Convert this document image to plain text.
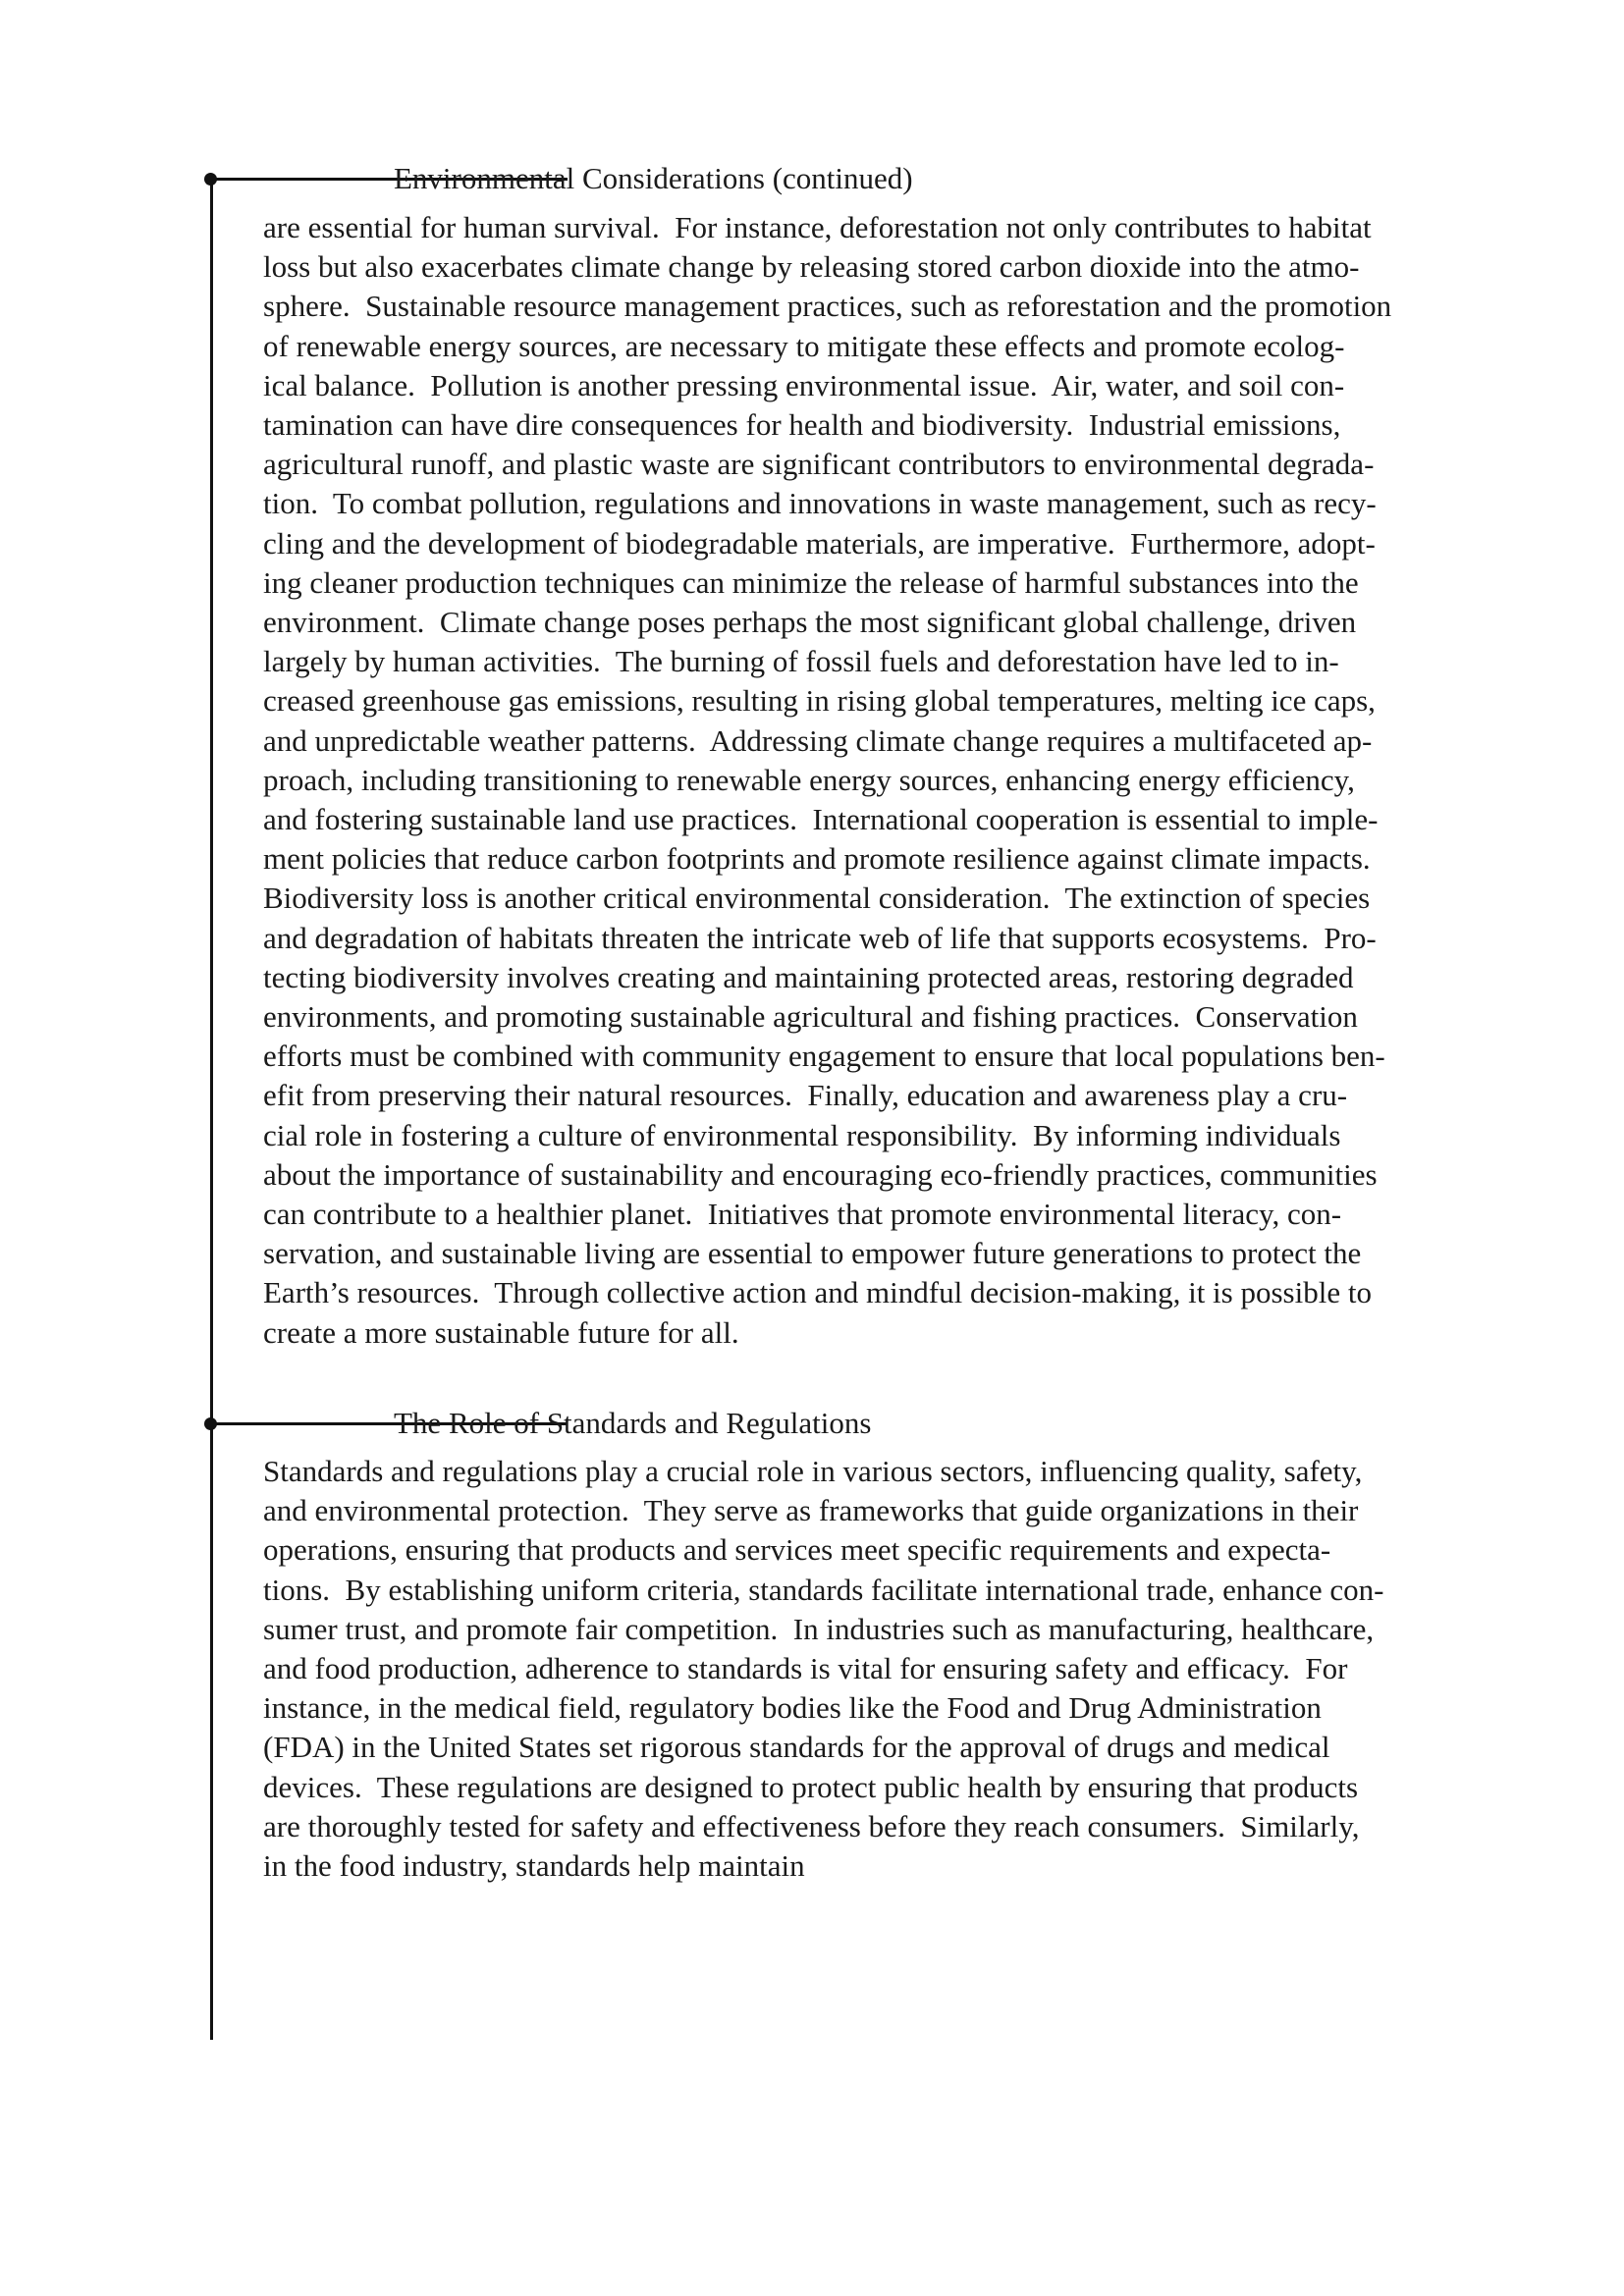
Environmental Considerations (continued)

are essential for human survival.  For instance, deforestation not only contributes to habitat
loss but also exacerbates climate change by releasing stored carbon dioxide into the atmo-
sphere.  Sustainable resource management practices, such as reforestation and the promotion
of renewable energy sources, are necessary to mitigate these effects and promote ecolog-
ical balance.  Pollution is another pressing environmental issue.  Air, water, and soil con-
tamination can have dire consequences for health and biodiversity.  Industrial emissions,
agricultural runoff, and plastic waste are significant contributors to environmental degrada-
tion.  To combat pollution, regulations and innovations in waste management, such as recy-
cling and the development of biodegradable materials, are imperative.  Furthermore, adopt-
ing cleaner production techniques can minimize the release of harmful substances into the
environment.  Climate change poses perhaps the most significant global challenge, driven
largely by human activities.  The burning of fossil fuels and deforestation have led to in-
creased greenhouse gas emissions, resulting in rising global temperatures, melting ice caps,
and unpredictable weather patterns.  Addressing climate change requires a multifaceted ap-
proach, including transitioning to renewable energy sources, enhancing energy efficiency,
and fostering sustainable land use practices.  International cooperation is essential to imple-
ment policies that reduce carbon footprints and promote resilience against climate impacts.
Biodiversity loss is another critical environmental consideration.  The extinction of species
and degradation of habitats threaten the intricate web of life that supports ecosystems.  Pro-
tecting biodiversity involves creating and maintaining protected areas, restoring degraded
environments, and promoting sustainable agricultural and fishing practices.  Conservation
efforts must be combined with community engagement to ensure that local populations ben-
efit from preserving their natural resources.  Finally, education and awareness play a cru-
cial role in fostering a culture of environmental responsibility.  By informing individuals
about the importance of sustainability and encouraging eco-friendly practices, communities
can contribute to a healthier planet.  Initiatives that promote environmental literacy, con-
servation, and sustainable living are essential to empower future generations to protect the
Earth’s resources.  Through collective action and mindful decision-making, it is possible to
create a more sustainable future for all.

The Role of Standards and Regulations

Standards and regulations play a crucial role in various sectors, influencing quality, safety,
and environmental protection.  They serve as frameworks that guide organizations in their
operations, ensuring that products and services meet specific requirements and expecta-
tions.  By establishing uniform criteria, standards facilitate international trade, enhance con-
sumer trust, and promote fair competition.  In industries such as manufacturing, healthcare,
and food production, adherence to standards is vital for ensuring safety and efficacy.  For
instance, in the medical field, regulatory bodies like the Food and Drug Administration
(FDA) in the United States set rigorous standards for the approval of drugs and medical
devices.  These regulations are designed to protect public health by ensuring that products
are thoroughly tested for safety and effectiveness before they reach consumers.  Similarly,
in the food industry, standards help maintain
